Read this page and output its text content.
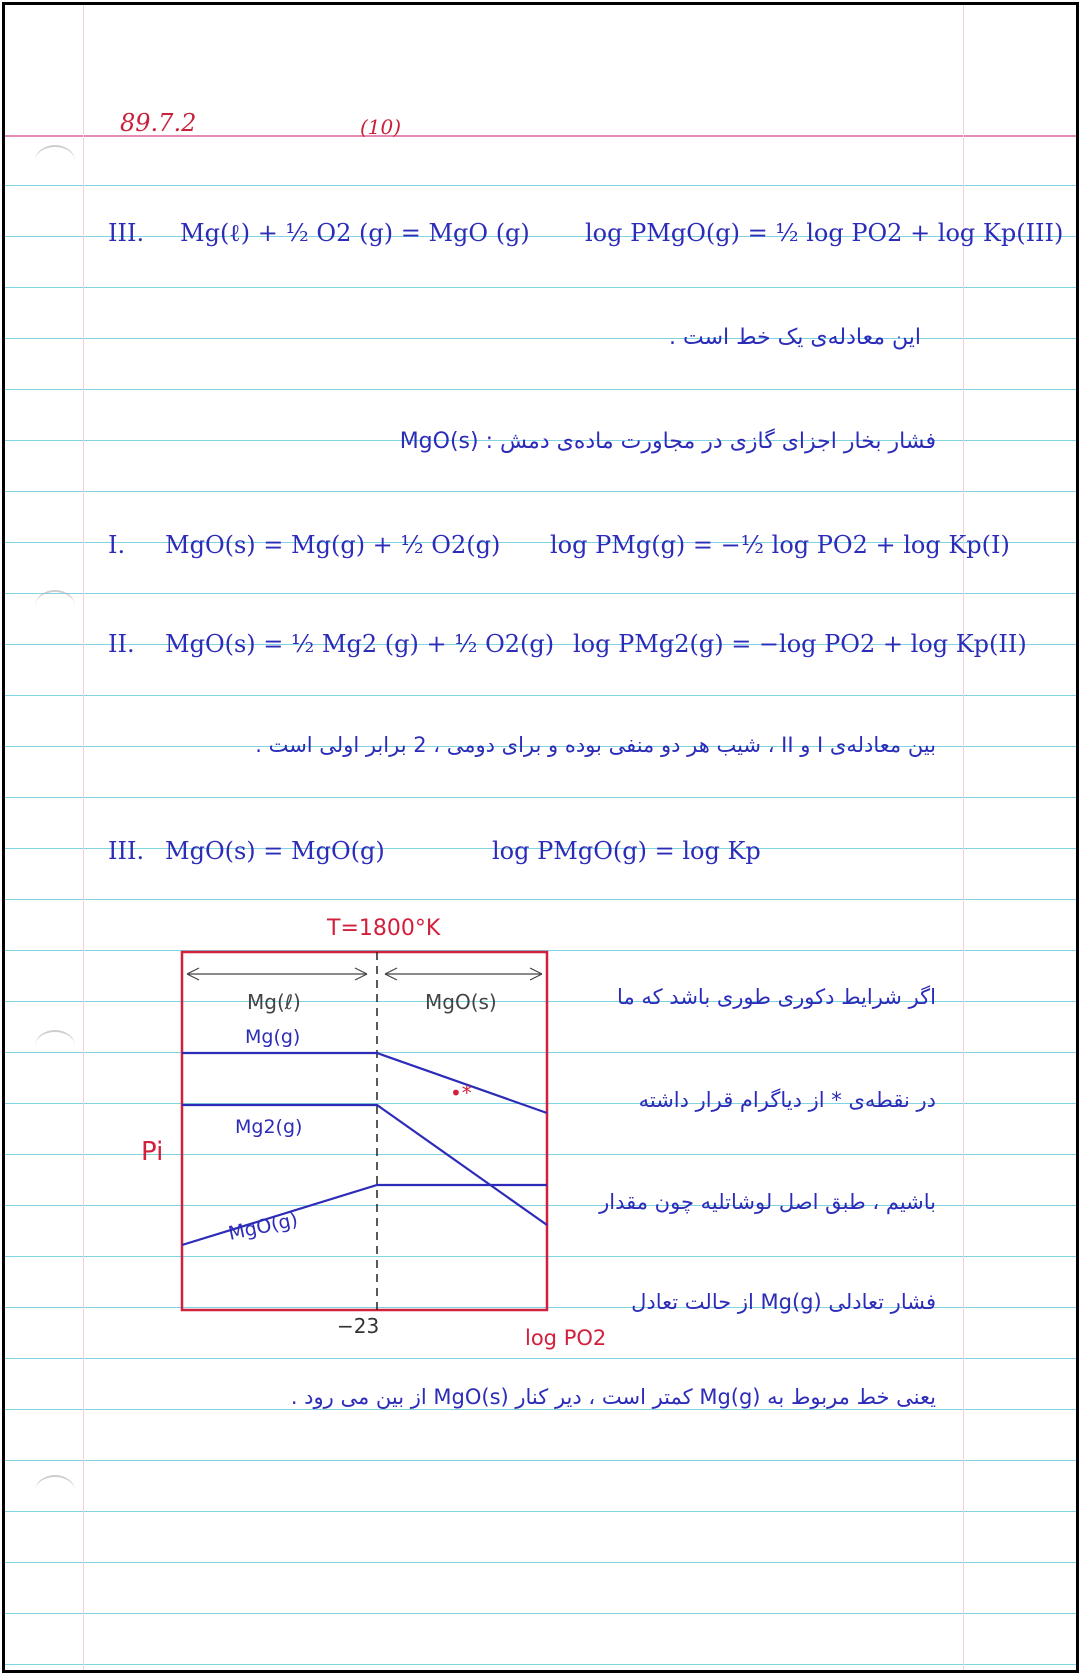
89.7.2	(10)
III. Mg(ℓ) + ½ O2 (g) = MgO (g) log PMgO(g) = ½ log PO2 + log Kp(III)
این معادله‌ی یک خط است .
فشار بخار اجزای گازی در مجاورت ماده‌ی دمش : MgO(s)
I. MgO(s) = Mg(g) + ½ O2(g) log PMg(g) = −½ log PO2 + log Kp(I)
II. MgO(s) = ½ Mg2 (g) + ½ O2(g) log PMg2(g) = −log PO2 + log Kp(II)
بین معادله‌ی I و II ، شیب هر دو منفی بوده و برای دومی ، 2 برابر اولی است .
III. MgO(s) = MgO(g)	log PMgO(g) = log Kp
T=1800°K
Mg(ℓ)	MgO(s)
Mg(g)
Mg2(g)
MgO(g)
•*
Pi
−23	log PO2
اگر شرایط دکوری طوری باشد که ما
در نقطه‌ی * از دیاگرام قرار داشته
باشیم ، طبق اصل لوشاتلیه چون مقدار
فشار تعادلی Mg(g) از حالت تعادل
یعنی خط مربوط به Mg(g) کمتر است ، دیر کنار MgO(s) از بین می رود .
